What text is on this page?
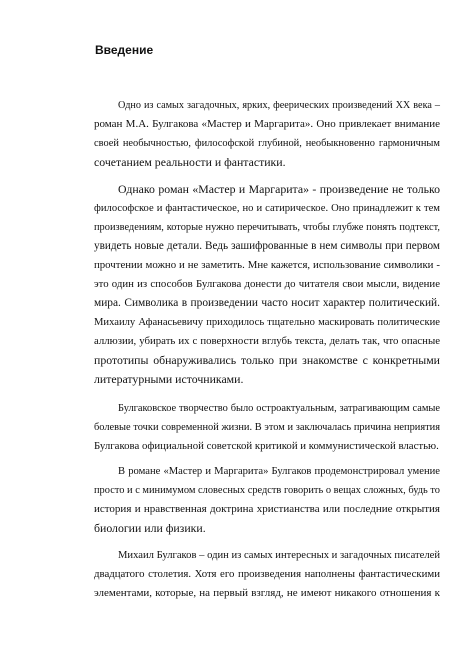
Введение
Одно из самых загадочных, ярких, феерических произведений XX века –
роман М.А. Булгакова «Мастер и Маргарита». Оно привлекает внимание
своей необычностью, философской глубиной, необыкновенно гармоничным
сочетанием реальности и фантастики.
Однако роман «Мастер и Маргарита» - произведение не только
философское и фантастическое, но и сатирическое. Оно принадлежит к тем
произведениям, которые нужно перечитывать, чтобы глубже понять подтекст,
увидеть новые детали. Ведь зашифрованные в нем символы при первом
прочтении можно и не заметить. Мне кажется, использование символики -
это один из способов Булгакова донести до читателя свои мысли, видение
мира. Символика в произведении часто носит характер политический.
Михаилу Афанасьевичу приходилось тщательно маскировать политические
аллюзии, убирать их с поверхности вглубь текста, делать так, что опасные
прототипы обнаруживались только при знакомстве с конкретными
литературными источниками.
Булгаковское творчество было остроактуальным, затрагивающим самые
болевые точки современной жизни. В этом и заключалась причина неприятия
Булгакова официальной советской критикой и коммунистической властью.
В романе «Мастер и Маргарита» Булгаков продемонстрировал умение
просто и с минимумом словесных средств говорить о вещах сложных, будь то
история и нравственная доктрина христианства или последние открытия
биологии или физики.
Михаил Булгаков – один из самых интересных и загадочных писателей
двадцатого столетия. Хотя его произведения наполнены фантастическими
элементами, которые, на первый взгляд, не имеют никакого отношения к
